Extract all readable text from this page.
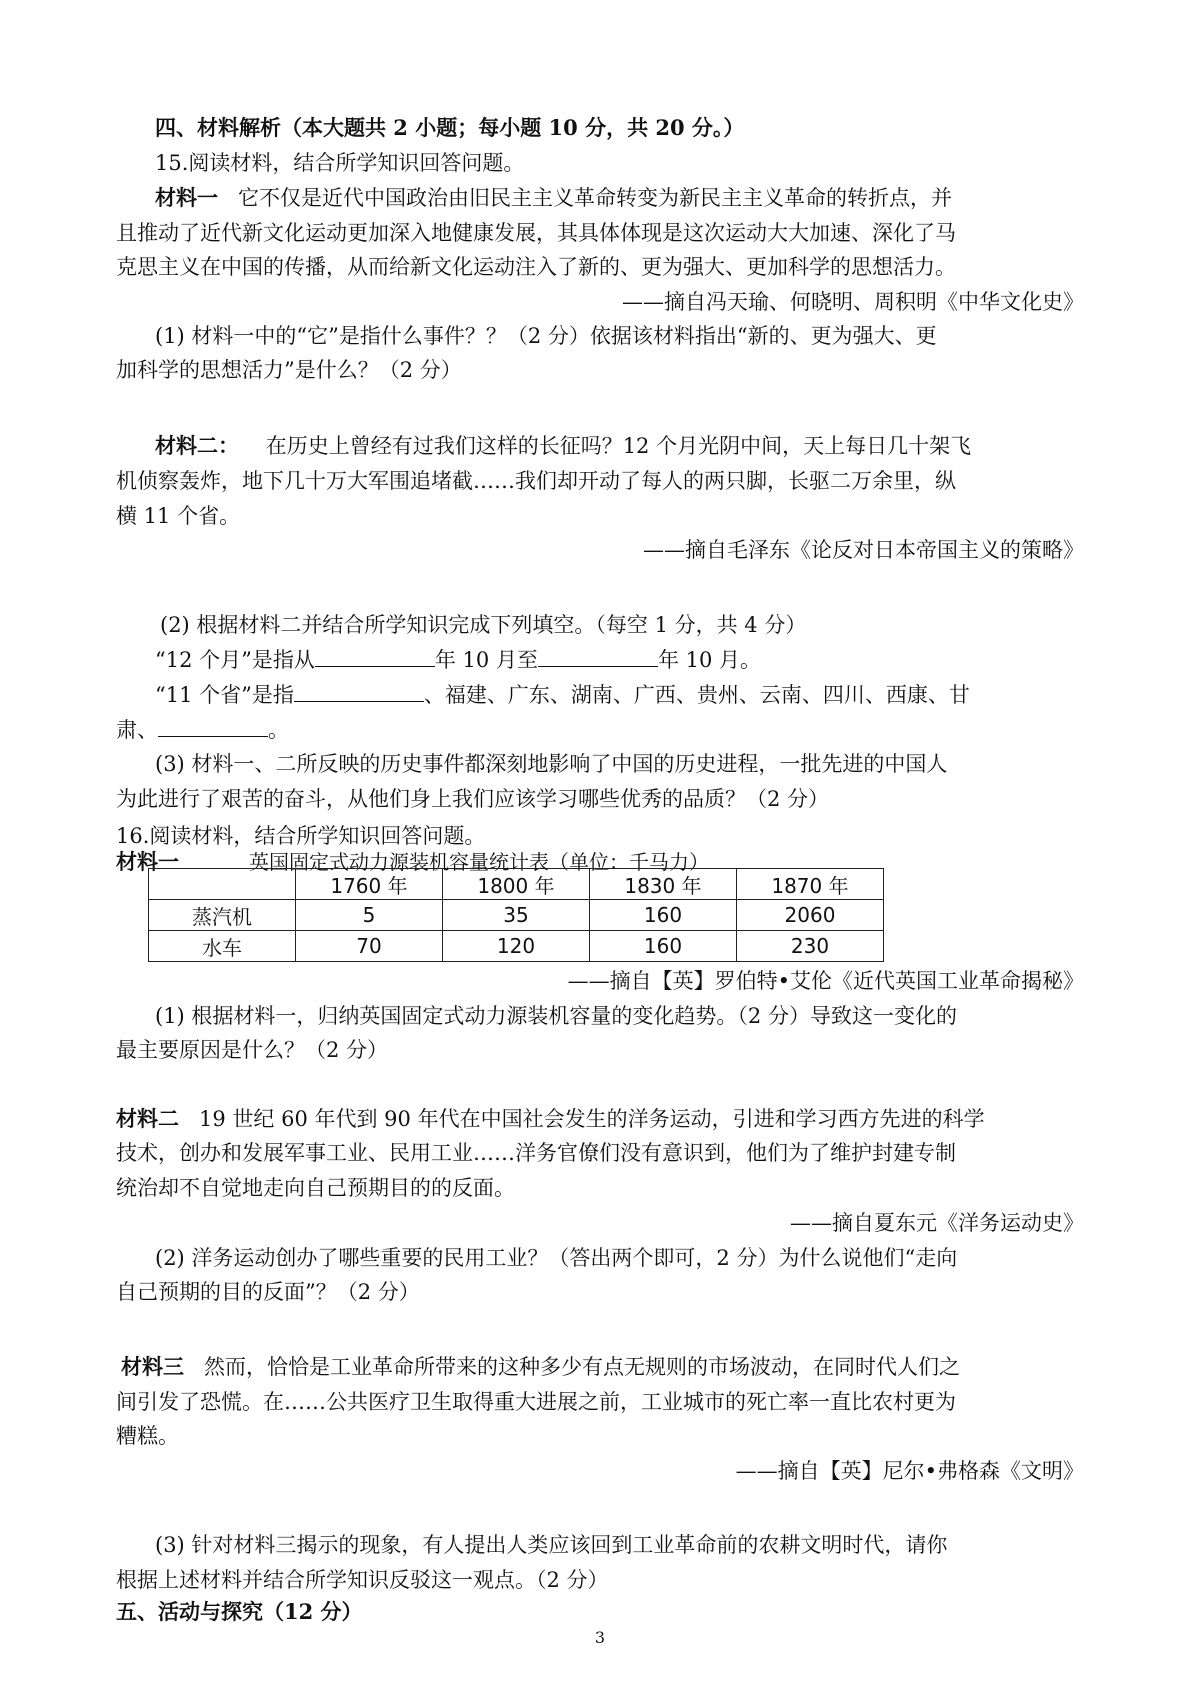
四、材料解析（本大题共 2 小题；每小题 10 分，共 20 分。）
15.阅读材料，结合所学知识回答问题。
材料一 它不仅是近代中国政治由旧民主主义革命转变为新民主主义革命的转折点，并
且推动了近代新文化运动更加深入地健康发展，其具体体现是这次运动大大加速、深化了马
克思主义在中国的传播，从而给新文化运动注入了新的、更为强大、更加科学的思想活力。
——摘自冯天瑜、何晓明、周积明《中华文化史》
(1) 材料一中的“它”是指什么事件？？（2 分）依据该材料指出“新的、更为强大、更
加科学的思想活力”是什么？（2 分）
材料二： 在历史上曾经有过我们这样的长征吗？12 个月光阴中间，天上每日几十架飞
机侦察轰炸，地下几十万大军围追堵截……我们却开动了每人的两只脚，长驱二万余里，纵
横 11 个省。
——摘自毛泽东《论反对日本帝国主义的策略》
(2) 根据材料二并结合所学知识完成下列填空。（每空 1 分，共 4 分）
“12 个月”是指从	年 10 月至	年 10 月。
“11 个省”是指	、福建、广东、湖南、广西、贵州、云南、四川、西康、甘
肃、	。
(3) 材料一、二所反映的历史事件都深刻地影响了中国的历史进程，一批先进的中国人
为此进行了艰苦的奋斗，从他们身上我们应该学习哪些优秀的品质？（2 分）
16.阅读材料，结合所学知识回答问题。
材料一	英国固定式动力源装机容量统计表（单位：千马力）
	1760 年	1800 年	1830 年	1870 年
蒸汽机	5	35	160	2060
水车	70	120	160	230
——摘自【英】罗伯特•艾伦《近代英国工业革命揭秘》
(1) 根据材料一，归纳英国固定式动力源装机容量的变化趋势。（2 分）导致这一变化的
最主要原因是什么？（2 分）
材料二 19 世纪 60 年代到 90 年代在中国社会发生的洋务运动，引进和学习西方先进的科学
技术，创办和发展军事工业、民用工业……洋务官僚们没有意识到，他们为了维护封建专制
统治却不自觉地走向自己预期目的的反面。
——摘自夏东元《洋务运动史》
(2) 洋务运动创办了哪些重要的民用工业？（答出两个即可，2 分）为什么说他们“走向
自己预期的目的反面”？（2 分）
材料三 然而，恰恰是工业革命所带来的这种多少有点无规则的市场波动，在同时代人们之
间引发了恐慌。在……公共医疗卫生取得重大进展之前，工业城市的死亡率一直比农村更为
糟糕。
——摘自【英】尼尔•弗格森《文明》
(3) 针对材料三揭示的现象，有人提出人类应该回到工业革命前的农耕文明时代，请你
根据上述材料并结合所学知识反驳这一观点。（2 分）
五、活动与探究（12 分）
3
